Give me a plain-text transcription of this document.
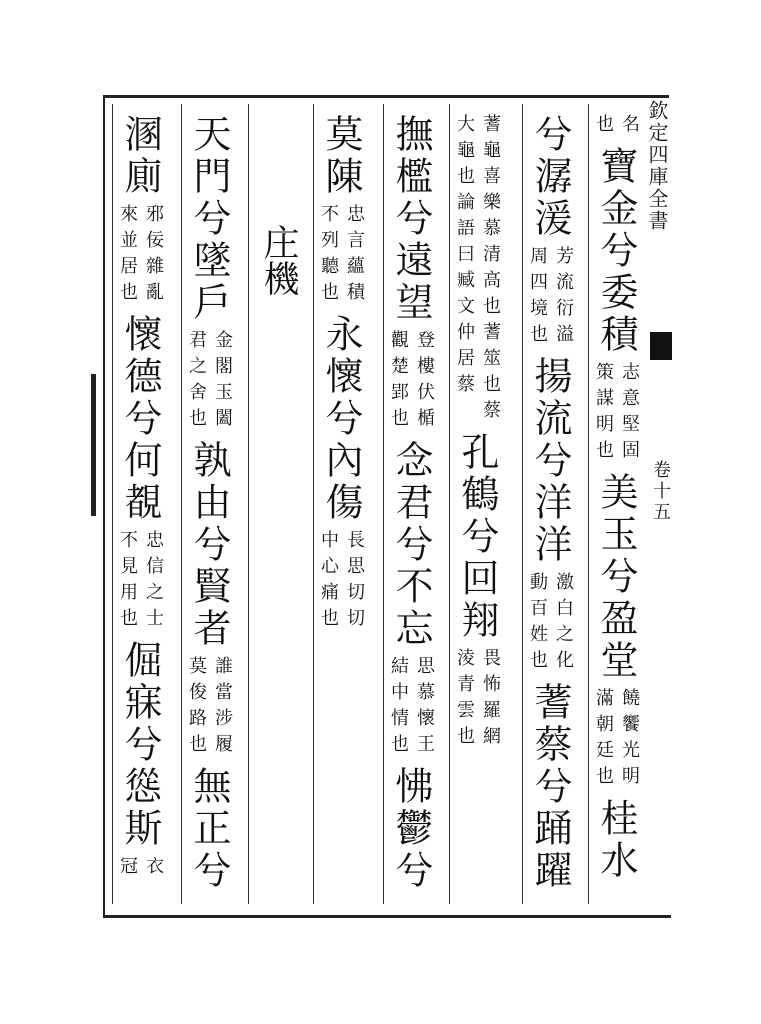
欽定四庫全書
卷十五
名
也
寶金兮委積
志意堅固
策謀明也
美玉兮盈堂
饒饗光明
滿朝廷也
桂水
兮潺湲
芳流衍溢
周四境也
揚流兮洋洋
激白之化
動百姓也
蓍蔡兮踊躍
蓍龜喜樂慕清高也蓍筮也蔡
大龜也論語曰臧文仲居蔡
孔鶴兮回翔
畏怖羅網
淩青雲也
撫檻兮遠望
登樓伏楯
觀楚郢也
念君兮不忘
思慕懷王
結中情也
怫鬱兮
莫陳
忠言蘊積
不列聽也
永懷兮內傷
長思切切
中心痛也
庄機
天門兮墜戶
金閣玉闔
君之舍也
孰由兮賢者
誰當涉履
莫俊路也
無正兮
溷廁
邪佞雜亂
來並居也
懷德兮何覩
忠信之士
不見用也
倔寐兮慫斯
衣
冠
